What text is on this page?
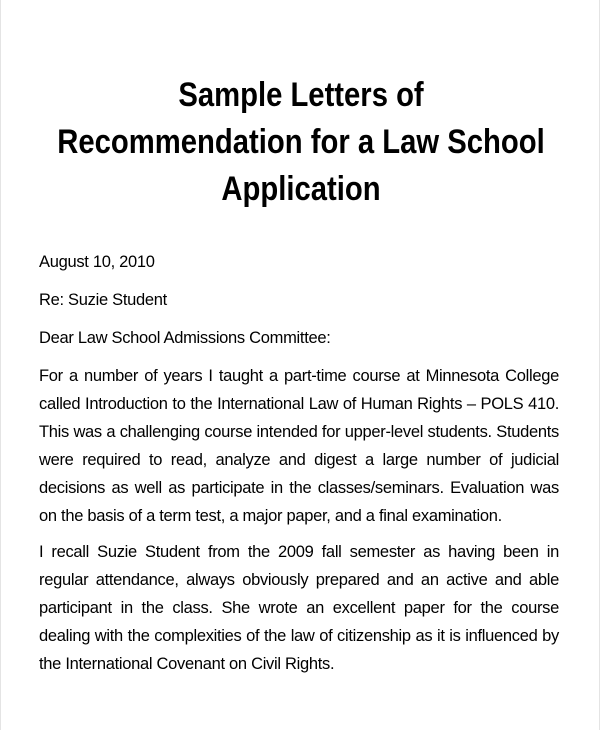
Sample Letters of
Recommendation for a Law School
Application

August 10, 2010

Re: Suzie Student

Dear Law School Admissions Committee:

For a number of years I taught a part-time course at Minnesota College called Introduction to the International Law of Human Rights – POLS 410. This was a challenging course intended for upper-level students. Students were required to read, analyze and digest a large number of judicial decisions as well as participate in the classes/seminars. Evaluation was on the basis of a term test, a major paper, and a final examination.

I recall Suzie Student from the 2009 fall semester as having been in regular attendance, always obviously prepared and an active and able participant in the class. She wrote an excellent paper for the course dealing with the complexities of the law of citizenship as it is influenced by the International Covenant on Civil Rights.
